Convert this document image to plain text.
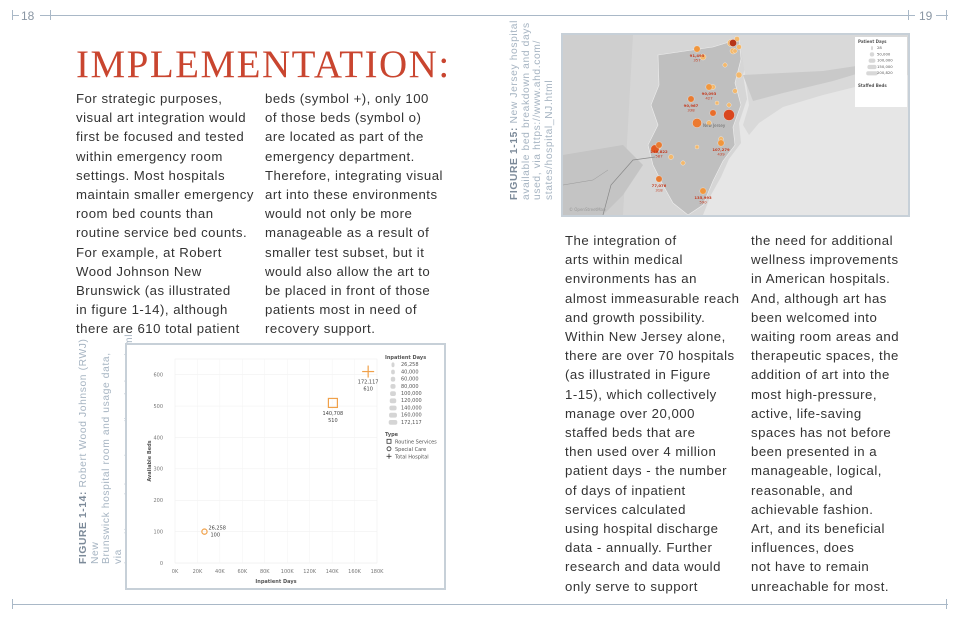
18	19
IMPLEMENTATION:
For strategic purposes,
visual art integration would
first be focused and tested
within emergency room
settings. Most hospitals
maintain smaller emergency
room bed counts than
routine service bed counts.
For example, at Robert
Wood Johnson New
Brunswick (as illustrated
in figure 1-14), although
there are 610 total patient
beds (symbol +), only 100
of those beds (symbol o)
are located as part of the
emergency department.
Therefore, integrating visual
art into these environments
would not only be more
manageable as a result of
smaller test subset, but it
would also allow the art to
be placed in front of those
patients most in need of
recovery support.
FIGURE 1-14: Robert Wood Johnson (RWJ) New
Brunswick hospital room and usage data, via	0
100
200
300
400
500
600
0K	20K	40K	60K	80K 100K 120K 140K 160K 180K
Inpatient Days
Available Beds
26,258
100
140,708
510
172,117
610
Inpatient Days
26,258
40,000
60,000
80,000
100,000
120,000
140,000
160,000
172,117
Type
Routine Services
Special Care
Total Hospital
FIGURE 1-15: New Jersey hospital
available bed breakdown and days
used, via https://www.ahd.com/
states/hospital_NJ.html
91,495
357
90,967
338
90,093
427
149,822
587
107,279
439
77,076
318
135,993
590
New Jersey
Patient Days
28
50,000
100,000
150,000
200,820
Staffed Beds
© OpenStreetMap
The integration of
arts within medical
environments has an
almost immeasurable reach
and growth possibility.
Within New Jersey alone,
there are over 70 hospitals
(as illustrated in Figure
1-15), which collectively
manage over 20,000
staffed beds that are
then used over 4 million
patient days - the number
of days of inpatient
services calculated
using hospital discharge
data - annually. Further
research and data would
only serve to support
the need for additional
wellness improvements
in American hospitals.
And, although art has
been welcomed into
waiting room areas and
therapeutic spaces, the
addition of art into the
most high-pressure,
active, life-saving
spaces has not before
been presented in a
manageable, logical,
reasonable, and
achievable fashion.
Art, and its beneficial
influences, does
not have to remain
unreachable for most.
